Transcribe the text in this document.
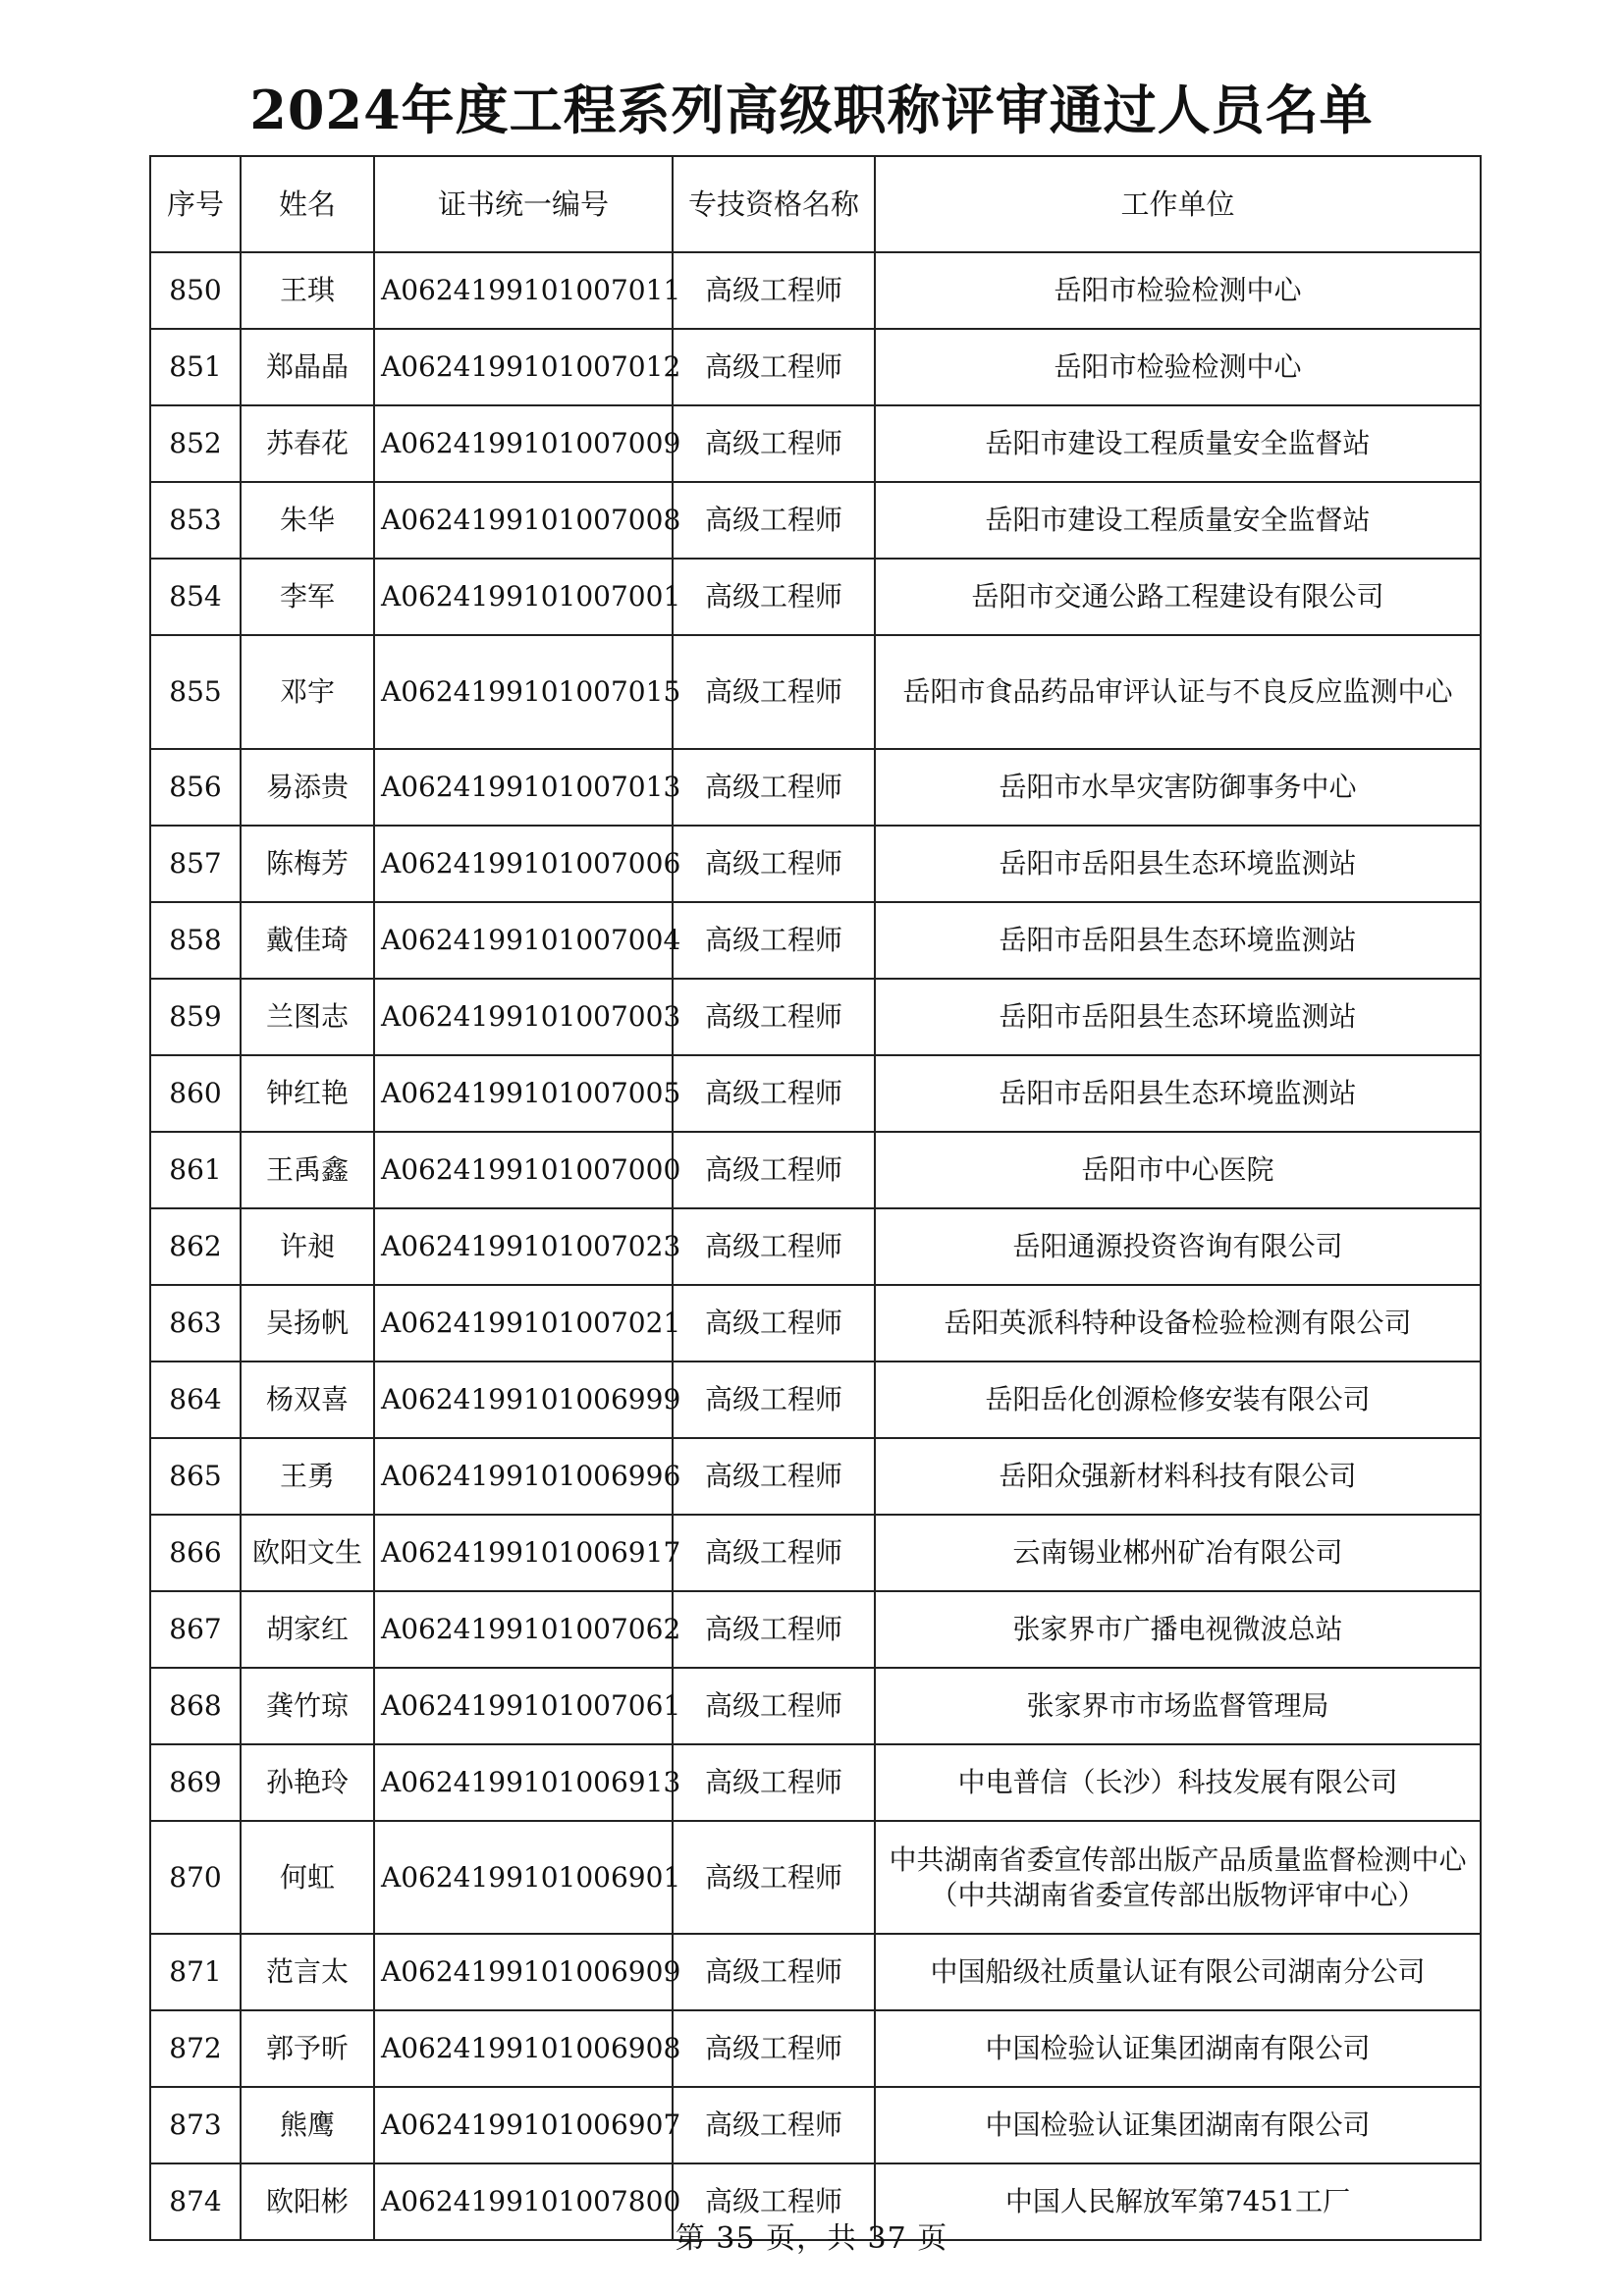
2024年度工程系列高级职称评审通过人员名单
序号	姓名	证书统一编号	专技资格名称	工作单位
850	王琪	A0624199101007011	高级工程师	岳阳市检验检测中心
851	郑晶晶	A0624199101007012	高级工程师	岳阳市检验检测中心
852	苏春花	A0624199101007009	高级工程师	岳阳市建设工程质量安全监督站
853	朱华	A0624199101007008	高级工程师	岳阳市建设工程质量安全监督站
854	李军	A0624199101007001	高级工程师	岳阳市交通公路工程建设有限公司
855	邓宇	A0624199101007015	高级工程师	岳阳市食品药品审评认证与不良反应监测中心
856	易添贵	A0624199101007013	高级工程师	岳阳市水旱灾害防御事务中心
857	陈梅芳	A0624199101007006	高级工程师	岳阳市岳阳县生态环境监测站
858	戴佳琦	A0624199101007004	高级工程师	岳阳市岳阳县生态环境监测站
859	兰图志	A0624199101007003	高级工程师	岳阳市岳阳县生态环境监测站
860	钟红艳	A0624199101007005	高级工程师	岳阳市岳阳县生态环境监测站
861	王禹鑫	A0624199101007000	高级工程师	岳阳市中心医院
862	许昶	A0624199101007023	高级工程师	岳阳通源投资咨询有限公司
863	吴扬帆	A0624199101007021	高级工程师	岳阳英派科特种设备检验检测有限公司
864	杨双喜	A0624199101006999	高级工程师	岳阳岳化创源检修安装有限公司
865	王勇	A0624199101006996	高级工程师	岳阳众强新材料科技有限公司
866	欧阳文生	A0624199101006917	高级工程师	云南锡业郴州矿冶有限公司
867	胡家红	A0624199101007062	高级工程师	张家界市广播电视微波总站
868	龚竹琼	A0624199101007061	高级工程师	张家界市市场监督管理局
869	孙艳玲	A0624199101006913	高级工程师	中电普信（长沙）科技发展有限公司
870	何虹	A0624199101006901	高级工程师	中共湖南省委宣传部出版产品质量监督检测中心（中共湖南省委宣传部出版物评审中心）
871	范言太	A0624199101006909	高级工程师	中国船级社质量认证有限公司湖南分公司
872	郭予昕	A0624199101006908	高级工程师	中国检验认证集团湖南有限公司
873	熊鹰	A0624199101006907	高级工程师	中国检验认证集团湖南有限公司
874	欧阳彬	A0624199101007800	高级工程师	中国人民解放军第7451工厂
第 35 页，共 37 页
